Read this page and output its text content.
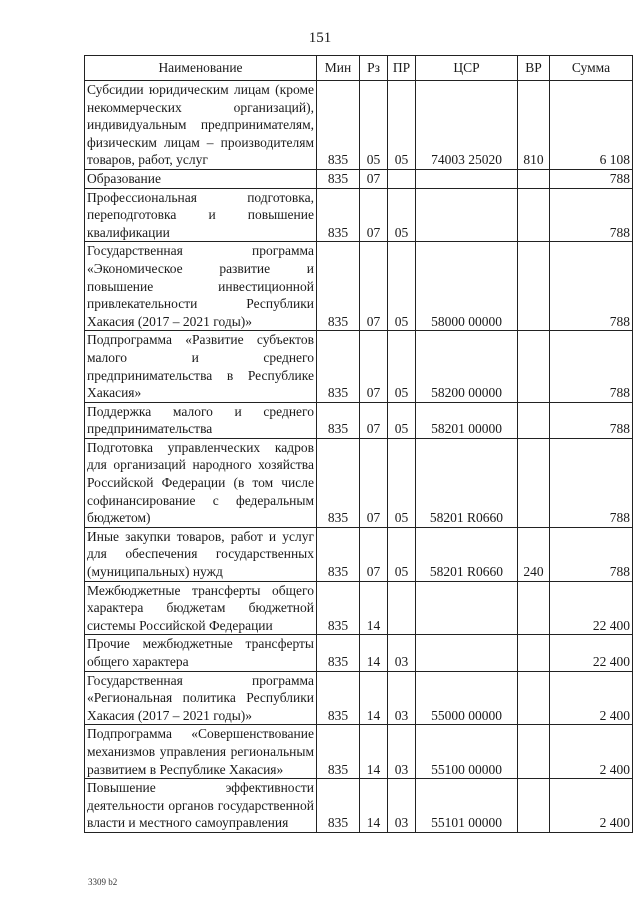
151
Наименование	Мин	Рз	ПР	ЦСР	ВР	Сумма
Субсидии юридическим лицам (кроме некоммерческих организаций), индивидуальным предпринимателям, физическим лицам – производителям товаров, работ, услуг	835	05	05	74003 25020	810	6 108
Образование	835	07				788
Профессиональная подготовка, переподготовка и повышение квалификации	835	07	05			788
Государственная программа «Экономическое развитие и повышение инвестиционной привлекательности Республики Хакасия (2017 – 2021 годы)»	835	07	05	58000 00000		788
Подпрограмма «Развитие субъектов малого и среднего предпринимательства в Республике Хакасия»	835	07	05	58200 00000		788
Поддержка малого и среднего предпринимательства	835	07	05	58201 00000		788
Подготовка управленческих кадров для организаций народного хозяйства Российской Федерации (в том числе софинансирование с федеральным бюджетом)	835	07	05	58201 R0660		788
Иные закупки товаров, работ и услуг для обеспечения государственных (муниципальных) нужд	835	07	05	58201 R0660	240	788
Межбюджетные трансферты общего характера бюджетам бюджетной системы Российской Федерации	835	14				22 400
Прочие межбюджетные трансферты общего характера	835	14	03			22 400
Государственная программа «Региональная политика Республики Хакасия (2017 – 2021 годы)»	835	14	03	55000 00000		2 400
Подпрограмма «Совершенствование механизмов управления региональным развитием в Республике Хакасия»	835	14	03	55100 00000		2 400
Повышение эффективности деятельности органов государственной власти и местного самоуправления	835	14	03	55101 00000		2 400
3309 b2
